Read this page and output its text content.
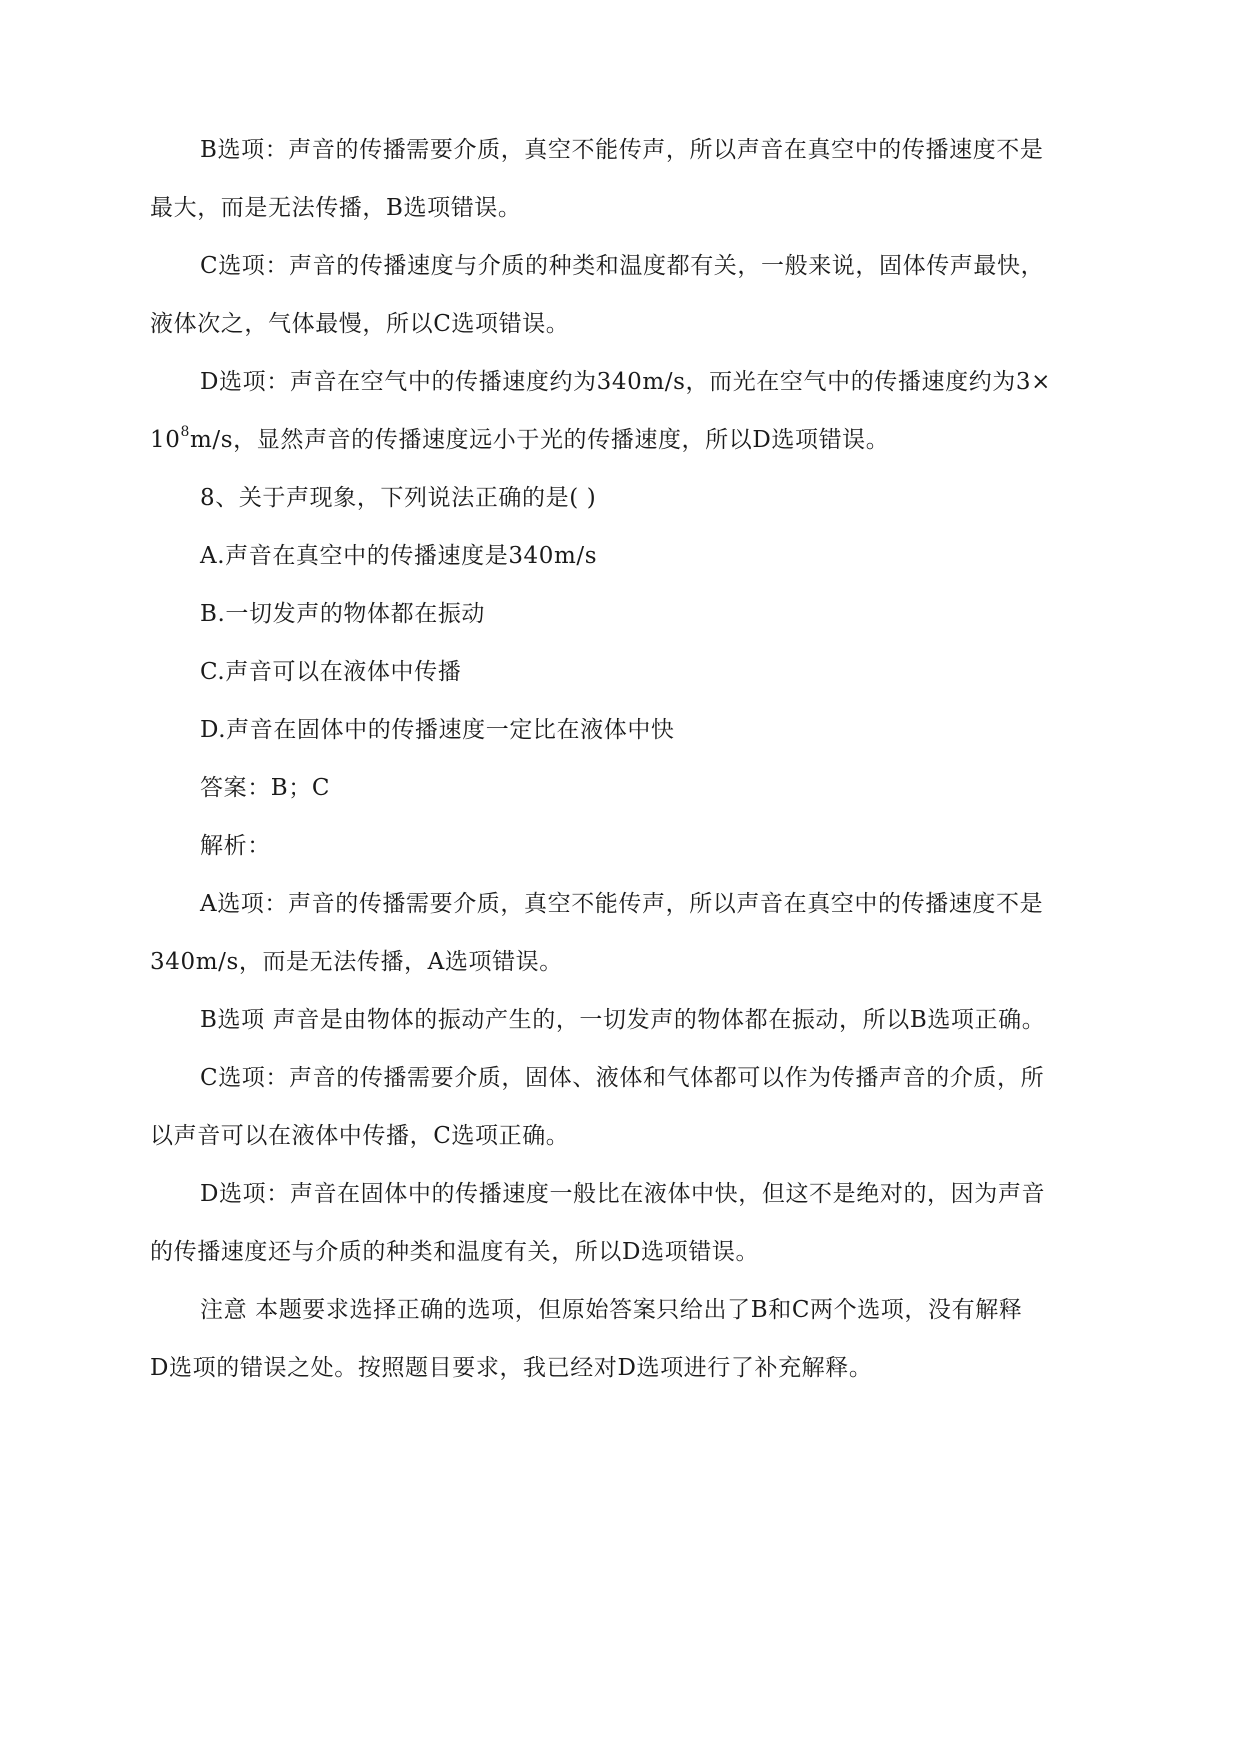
B选项：声音的传播需要介质，真空不能传声，所以声音在真空中的传播速度不是
最大，而是无法传播，B选项错误。
C选项：声音的传播速度与介质的种类和温度都有关，一般来说，固体传声最快，
液体次之，气体最慢，所以C选项错误。
D选项：声音在空气中的传播速度约为340m/s，而光在空气中的传播速度约为3×
$10^8m/s$，显然声音的传播速度远小于光的传播速度，所以D选项错误。
8、关于声现象，下列说法正确的是( )
A.声音在真空中的传播速度是340m/s
B.一切发声的物体都在振动
C.声音可以在液体中传播
D.声音在固体中的传播速度一定比在液体中快
答案：B；C
解析：
A选项：声音的传播需要介质，真空不能传声，所以声音在真空中的传播速度不是
340m/s，而是无法传播，A选项错误。
B选项 声音是由物体的振动产生的，一切发声的物体都在振动，所以B选项正确。
C选项：声音的传播需要介质，固体、液体和气体都可以作为传播声音的介质，所
以声音可以在液体中传播，C选项正确。
D选项：声音在固体中的传播速度一般比在液体中快，但这不是绝对的，因为声音
的传播速度还与介质的种类和温度有关，所以D选项错误。
注意 本题要求选择正确的选项，但原始答案只给出了B和C两个选项，没有解释
D选项的错误之处。按照题目要求，我已经对D选项进行了补充解释。
